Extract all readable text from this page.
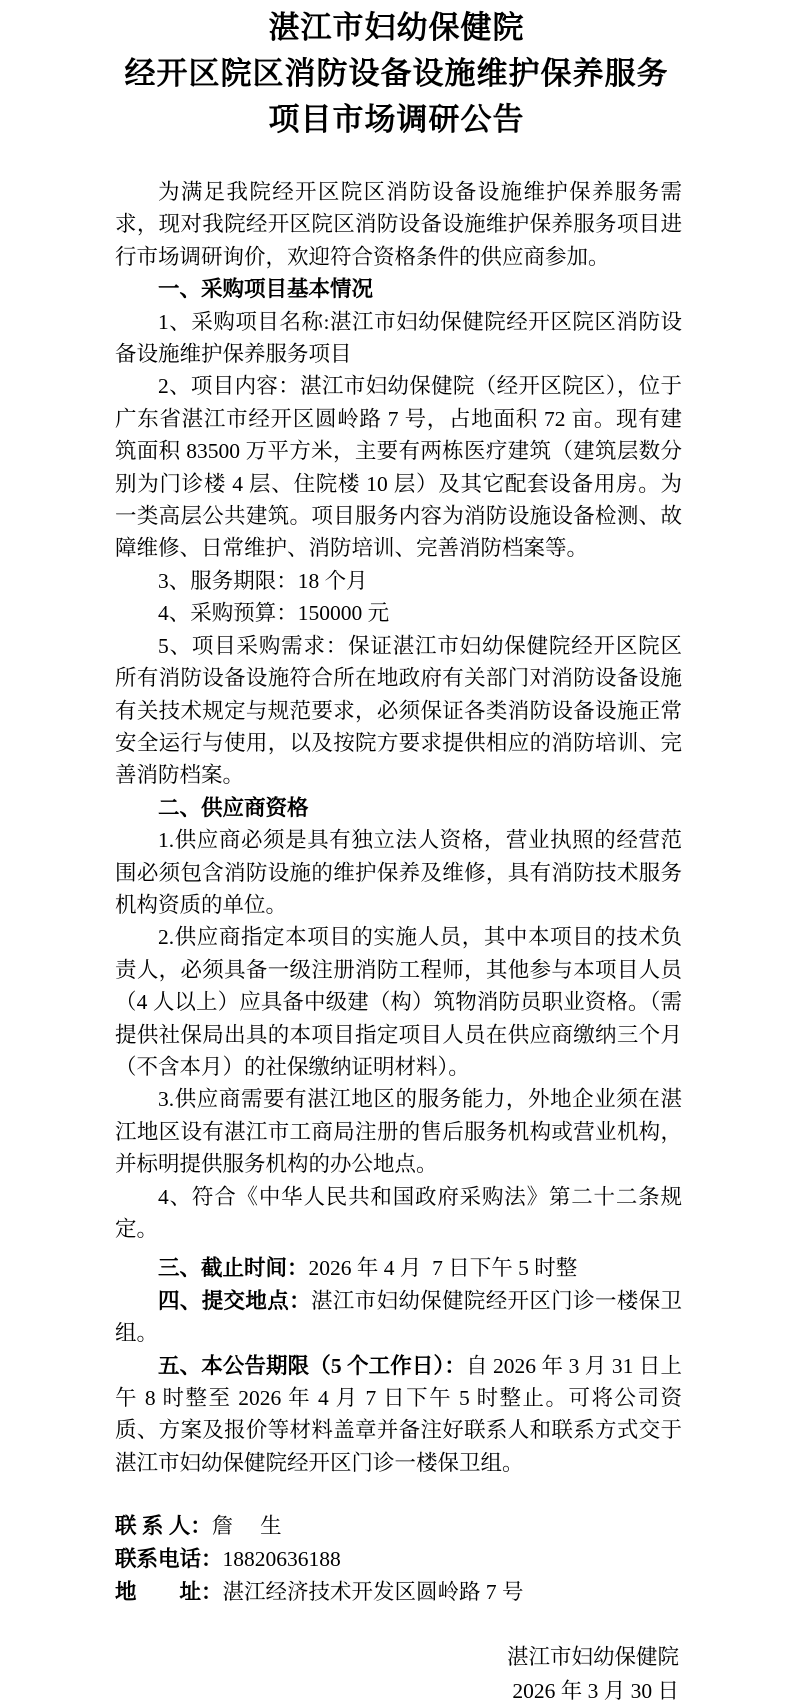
湛江市妇幼保健院
经开区院区消防设备设施维护保养服务
项目市场调研公告

为满足我院经开区院区消防设备设施维护保养服务需求，现对我院经开区院区消防设备设施维护保养服务项目进行市场调研询价，欢迎符合资格条件的供应商参加。

一、采购项目基本情况

1、采购项目名称:湛江市妇幼保健院经开区院区消防设备设施维护保养服务项目

2、项目内容：湛江市妇幼保健院（经开区院区），位于广东省湛江市经开区圆岭路 7 号，占地面积 72 亩。现有建筑面积 83500 万平方米，主要有两栋医疗建筑（建筑层数分别为门诊楼 4 层、住院楼 10 层）及其它配套设备用房。为一类高层公共建筑。项目服务内容为消防设施设备检测、故障维修、日常维护、消防培训、完善消防档案等。

3、服务期限：18 个月

4、采购预算：150000 元

5、项目采购需求：保证湛江市妇幼保健院经开区院区所有消防设备设施符合所在地政府有关部门对消防设备设施有关技术规定与规范要求，必须保证各类消防设备设施正常安全运行与使用，以及按院方要求提供相应的消防培训、完善消防档案。

二、供应商资格

1.供应商必须是具有独立法人资格，营业执照的经营范围必须包含消防设施的维护保养及维修，具有消防技术服务机构资质的单位。

2.供应商指定本项目的实施人员，其中本项目的技术负责人，必须具备一级注册消防工程师，其他参与本项目人员（4 人以上）应具备中级建（构）筑物消防员职业资格。（需提供社保局出具的本项目指定项目人员在供应商缴纳三个月（不含本月）的社保缴纳证明材料）。

3.供应商需要有湛江地区的服务能力，外地企业须在湛江地区设有湛江市工商局注册的售后服务机构或营业机构，并标明提供服务机构的办公地点。

4、符合《中华人民共和国政府采购法》第二十二条规定。

三、截止时间：2026 年 4 月  7 日下午 5 时整

四、提交地点：湛江市妇幼保健院经开区门诊一楼保卫组。

五、本公告期限（5 个工作日）：自 2026 年 3 月 31 日上午 8 时整至 2026 年 4 月 7 日下午 5 时整止。可将公司资质、方案及报价等材料盖章并备注好联系人和联系方式交于湛江市妇幼保健院经开区门诊一楼保卫组。

联 系 人：詹　 生

联系电话：18820636188

地　　址：湛江经济技术开发区圆岭路 7 号

湛江市妇幼保健院

2026 年 3 月 30 日
